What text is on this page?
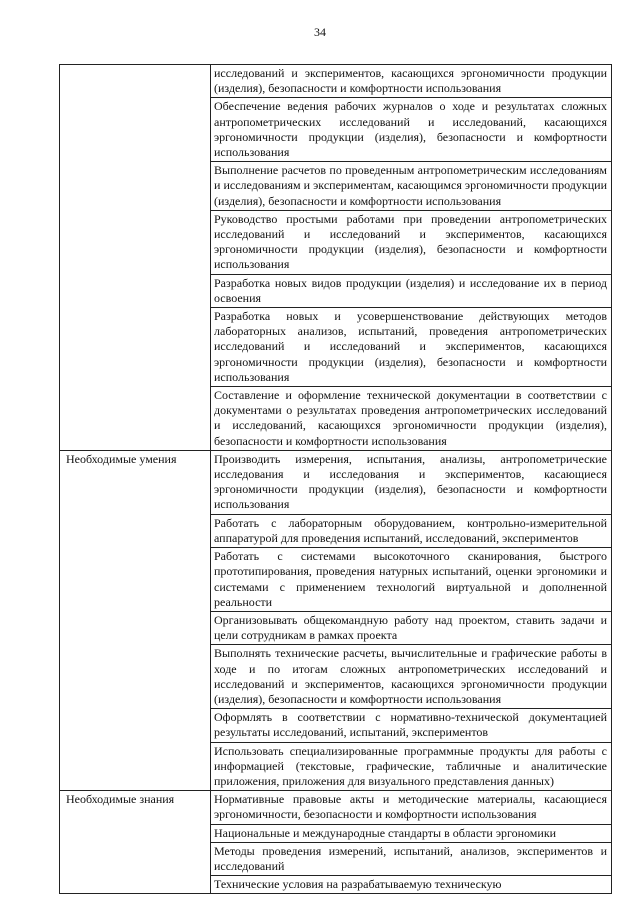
34
	исследований и экспериментов, касающихся эргономичности продукции (изделия), безопасности и комфортности использования
	Обеспечение ведения рабочих журналов о ходе и результатах сложных антропометрических исследований и исследований, касающихся эргономичности продукции (изделия), безопасности и комфортности использования
	Выполнение расчетов по проведенным антропометрическим исследованиям и исследованиям и экспериментам, касающимся эргономичности продукции (изделия), безопасности и комфортности использования
	Руководство простыми работами при проведении антропометрических исследований и исследований и экспериментов, касающихся эргономичности продукции (изделия), безопасности и комфортности использования
	Разработка новых видов продукции (изделия) и исследование их в период освоения
	Разработка новых и усовершенствование действующих методов лабораторных анализов, испытаний, проведения антропометрических исследований и исследований и экспериментов, касающихся эргономичности продукции (изделия), безопасности и комфортности использования
	Составление и оформление технической документации в соответствии с документами о результатах проведения антропометрических исследований и исследований, касающихся эргономичности продукции (изделия), безопасности и комфортности использования

Необходимые умения	Производить измерения, испытания, анализы, антропометрические исследования и исследования и экспериментов, касающиеся эргономичности продукции (изделия), безопасности и комфортности использования
	Работать с лабораторным оборудованием, контрольно-измерительной аппаратурой для проведения испытаний, исследований, экспериментов
	Работать с системами высокоточного сканирования, быстрого прототипирования, проведения натурных испытаний, оценки эргономики и системами с применением технологий виртуальной и дополненной реальности
	Организовывать общекомандную работу над проектом, ставить задачи и цели сотрудникам в рамках проекта
	Выполнять технические расчеты, вычислительные и графические работы в ходе и по итогам сложных антропометрических исследований и исследований и экспериментов, касающихся эргономичности продукции (изделия), безопасности и комфортности использования
	Оформлять в соответствии с нормативно-технической документацией результаты исследований, испытаний, экспериментов
	Использовать специализированные программные продукты для работы с информацией (текстовые, графические, табличные и аналитические приложения, приложения для визуального представления данных)

Необходимые знания	Нормативные правовые акты и методические материалы, касающиеся эргономичности, безопасности и комфортности использования
	Национальные и международные стандарты в области эргономики
	Методы проведения измерений, испытаний, анализов, экспериментов и исследований
	Технические условия на разрабатываемую техническую
